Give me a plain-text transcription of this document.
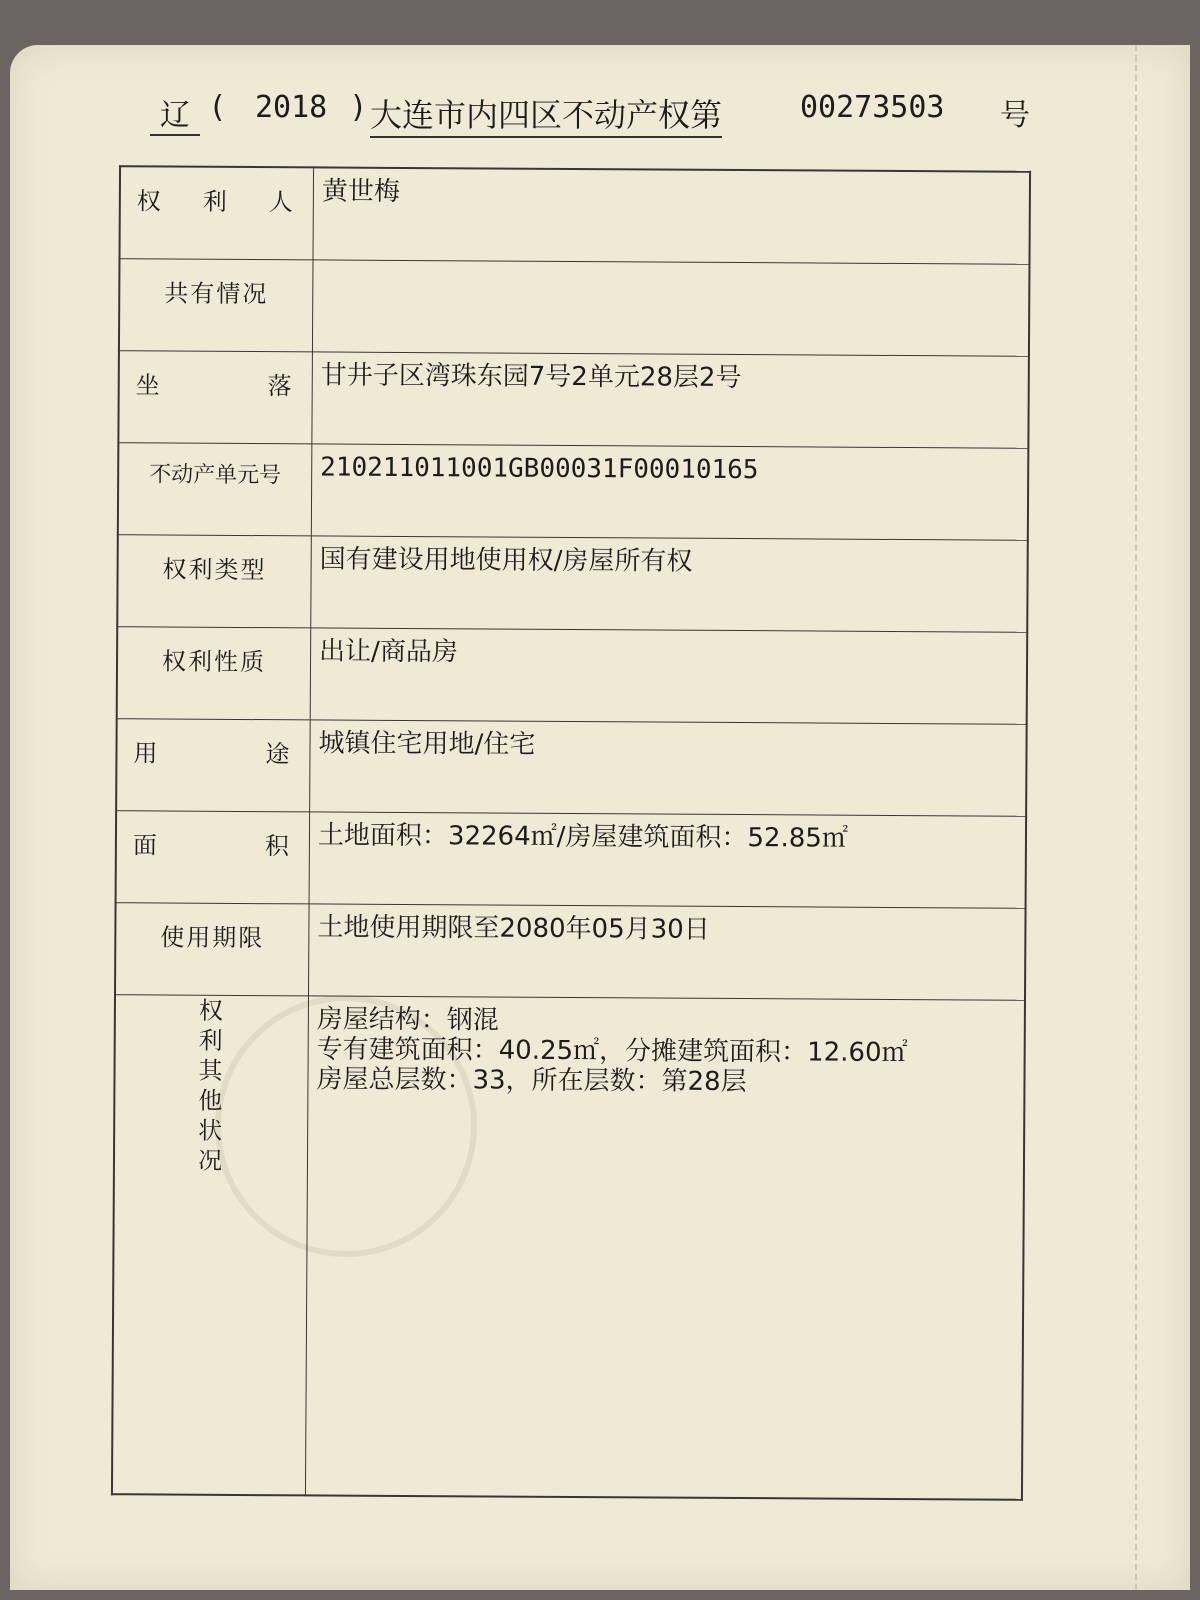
辽 ( 2018 ) 大连市内四区不动产权第	00273503 号
权利人	黄世梅
共有情况	
坐落	甘井子区湾珠东园7号2单元28层2号
不动产单元号	210211011001GB00031F00010165
权利类型	国有建设用地使用权/房屋所有权
权利性质	出让/商品房
用途	城镇住宅用地/住宅
面积	土地面积：32264㎡/房屋建筑面积：52.85㎡
使用期限	土地使用期限至2080年05月30日
权利其他状况	房屋结构：钢混
专有建筑面积：40.25㎡，分摊建筑面积：12.60㎡
房屋总层数：33，所在层数：第28层
